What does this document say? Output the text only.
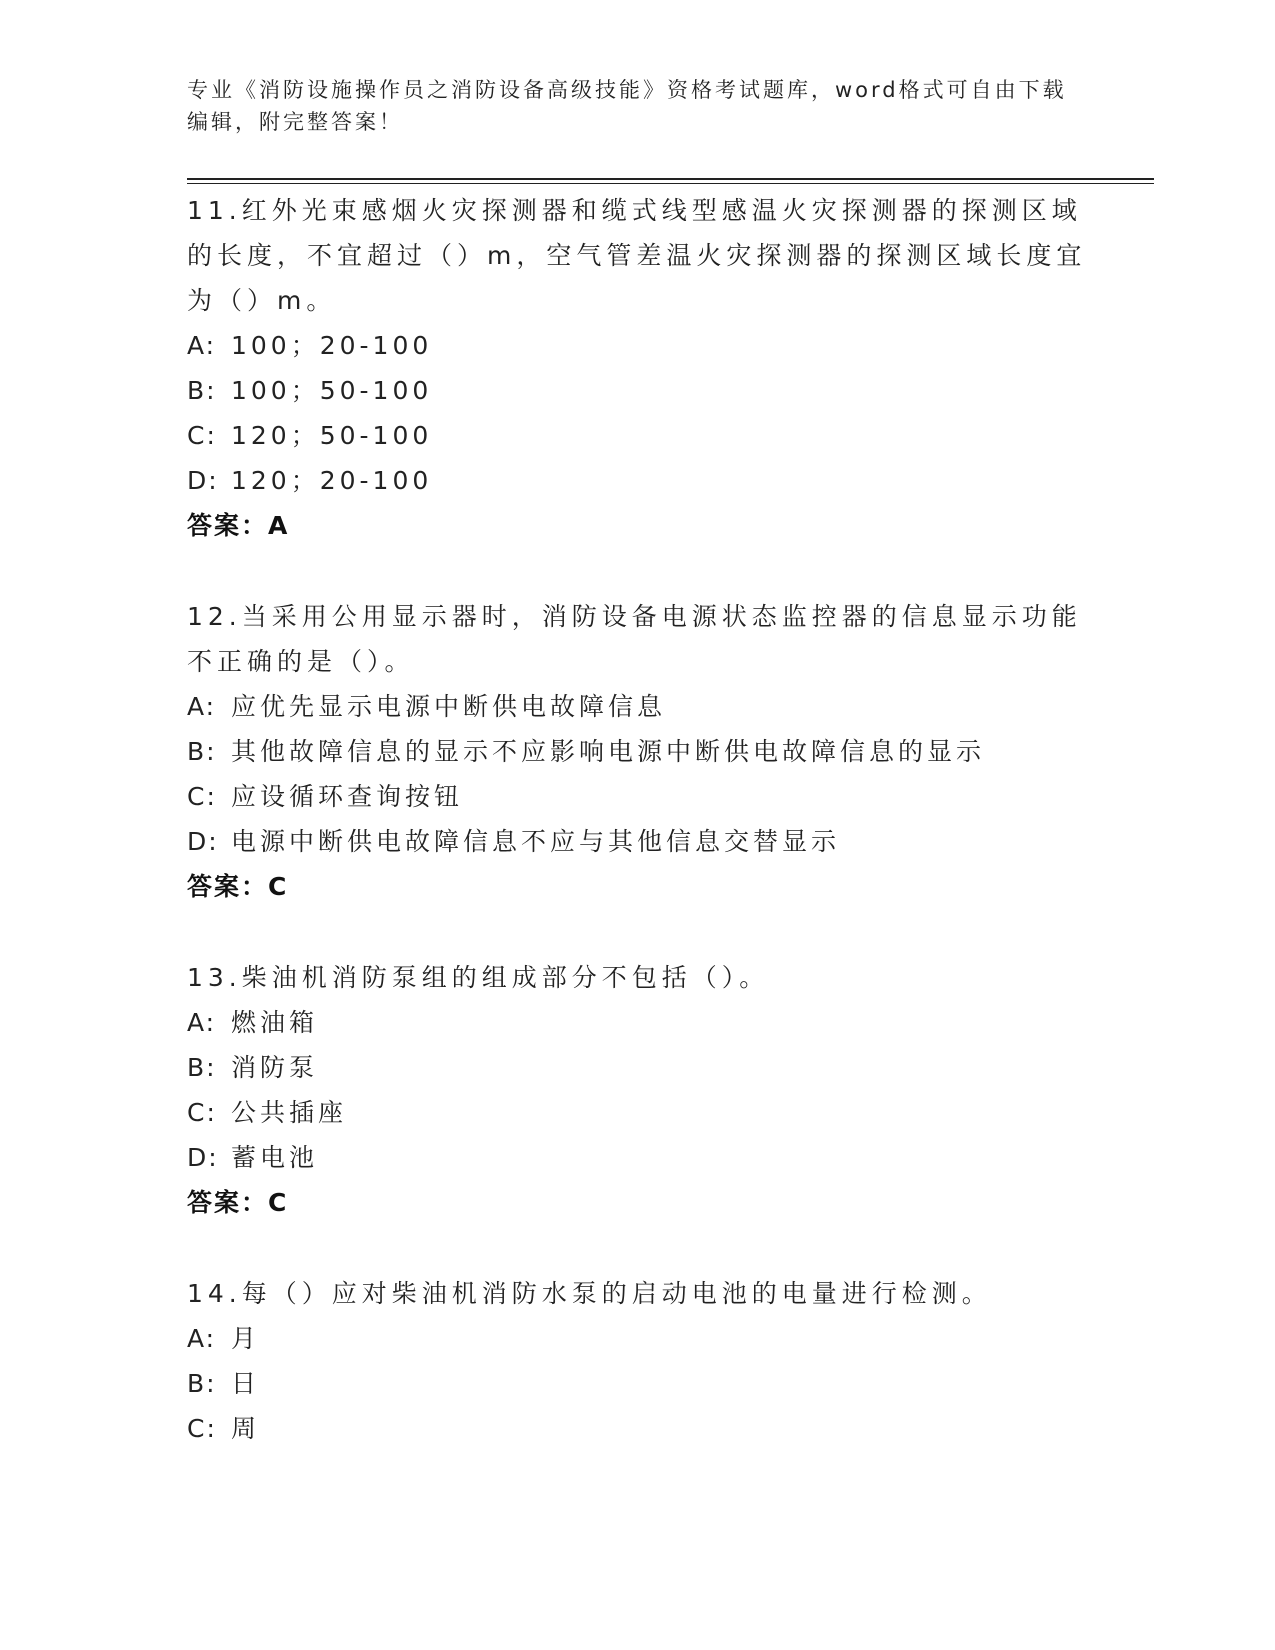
专业《消防设施操作员之消防设备高级技能》资格考试题库，word格式可自由下载编辑，附完整答案！
11.红外光束感烟火灾探测器和缆式线型感温火灾探测器的探测区域的长度，不宜超过（）m，空气管差温火灾探测器的探测区域长度宜为（）m。
A: 100；20-100
B: 100；50-100
C: 120；50-100
D: 120；20-100
答案：A
12.当采用公用显示器时，消防设备电源状态监控器的信息显示功能不正确的是（）。
A: 应优先显示电源中断供电故障信息
B: 其他故障信息的显示不应影响电源中断供电故障信息的显示
C: 应设循环查询按钮
D: 电源中断供电故障信息不应与其他信息交替显示
答案：C
13.柴油机消防泵组的组成部分不包括（）。
A: 燃油箱
B: 消防泵
C: 公共插座
D: 蓄电池
答案：C
14.每（）应对柴油机消防水泵的启动电池的电量进行检测。
A: 月
B: 日
C: 周
